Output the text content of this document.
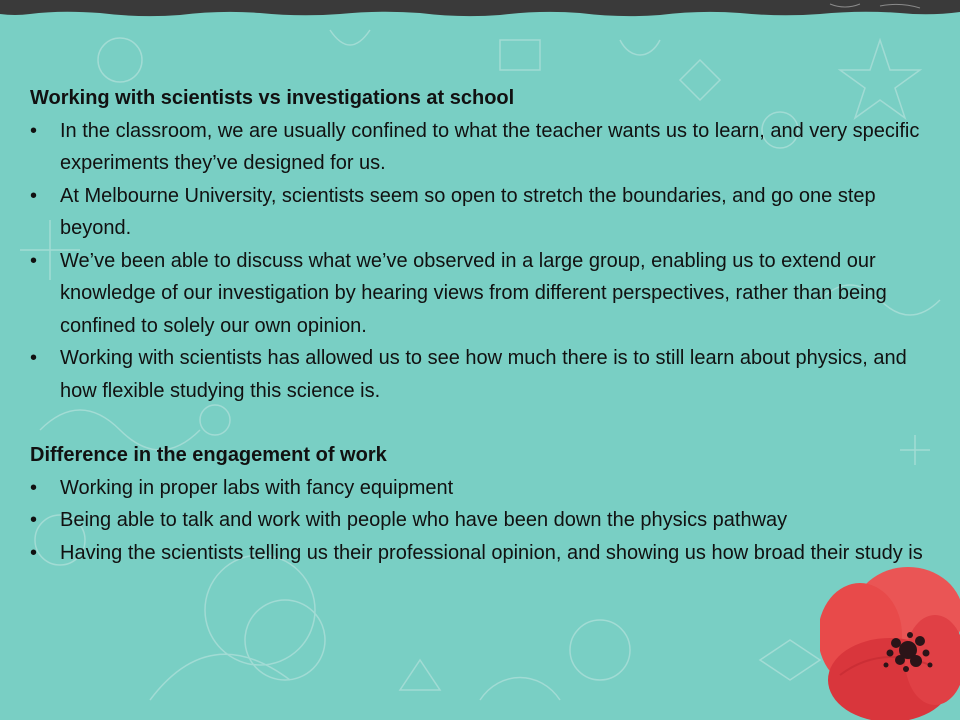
Working with scientists vs investigations at school

•	In the classroom, we are usually confined to what the teacher wants us to learn, and very specific experiments they’ve designed for us.
•	At Melbourne University, scientists seem so open to stretch the boundaries, and go one step beyond.
•	We’ve been able to discuss what we’ve observed in a large group, enabling us to extend our knowledge of our investigation by hearing views from different perspectives, rather than being confined to solely our own opinion.
•	Working with scientists has allowed us to see how much there is to still learn about physics, and how flexible studying this science is.

Difference in the engagement of work

•	Working in proper labs with fancy equipment
•	Being able to talk and work with people who have been down the physics pathway
•	Having the scientists telling us their professional opinion, and showing us how broad their study is
